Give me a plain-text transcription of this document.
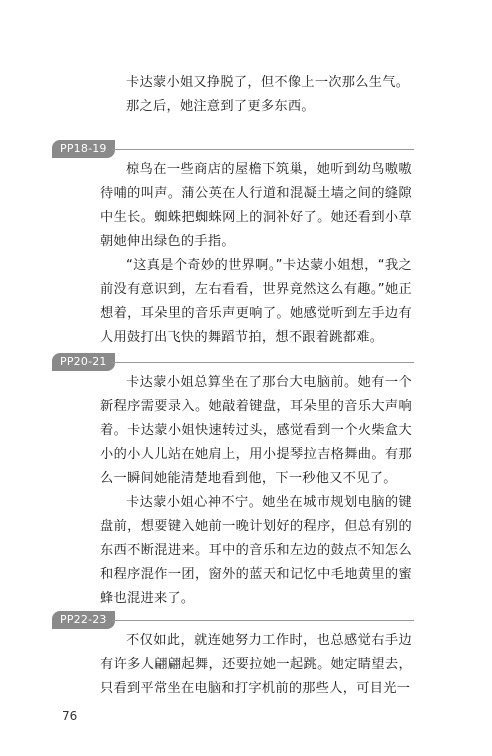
卡达蒙小姐又挣脱了，但不像上一次那么生气。

那之后，她注意到了更多东西。

PP18-19

椋鸟在一些商店的屋檐下筑巢，她听到幼鸟嗷嗷待哺的叫声。蒲公英在人行道和混凝土墙之间的缝隙中生长。蜘蛛把蜘蛛网上的洞补好了。她还看到小草朝她伸出绿色的手指。

“这真是个奇妙的世界啊。”卡达蒙小姐想，“我之前没有意识到，左右看看，世界竟然这么有趣。”她正想着，耳朵里的音乐声更响了。她感觉听到左手边有人用鼓打出飞快的舞蹈节拍，想不跟着跳都难。

PP20-21

卡达蒙小姐总算坐在了那台大电脑前。她有一个新程序需要录入。她敲着键盘，耳朵里的音乐大声响着。卡达蒙小姐快速转过头，感觉看到一个火柴盒大小的小人儿站在她肩上，用小提琴拉吉格舞曲。有那么一瞬间她能清楚地看到他，下一秒他又不见了。

卡达蒙小姐心神不宁。她坐在城市规划电脑的键盘前，想要键入她前一晚计划好的程序，但总有别的东西不断混进来。耳中的音乐和左边的鼓点不知怎么和程序混作一团，窗外的蓝天和记忆中毛地黄里的蜜蜂也混进来了。

PP22-23

不仅如此，就连她努力工作时，也总感觉右手边有许多人翩翩起舞，还要拉她一起跳。她定睛望去，只看到平常坐在电脑和打字机前的那些人，可目光一

76
